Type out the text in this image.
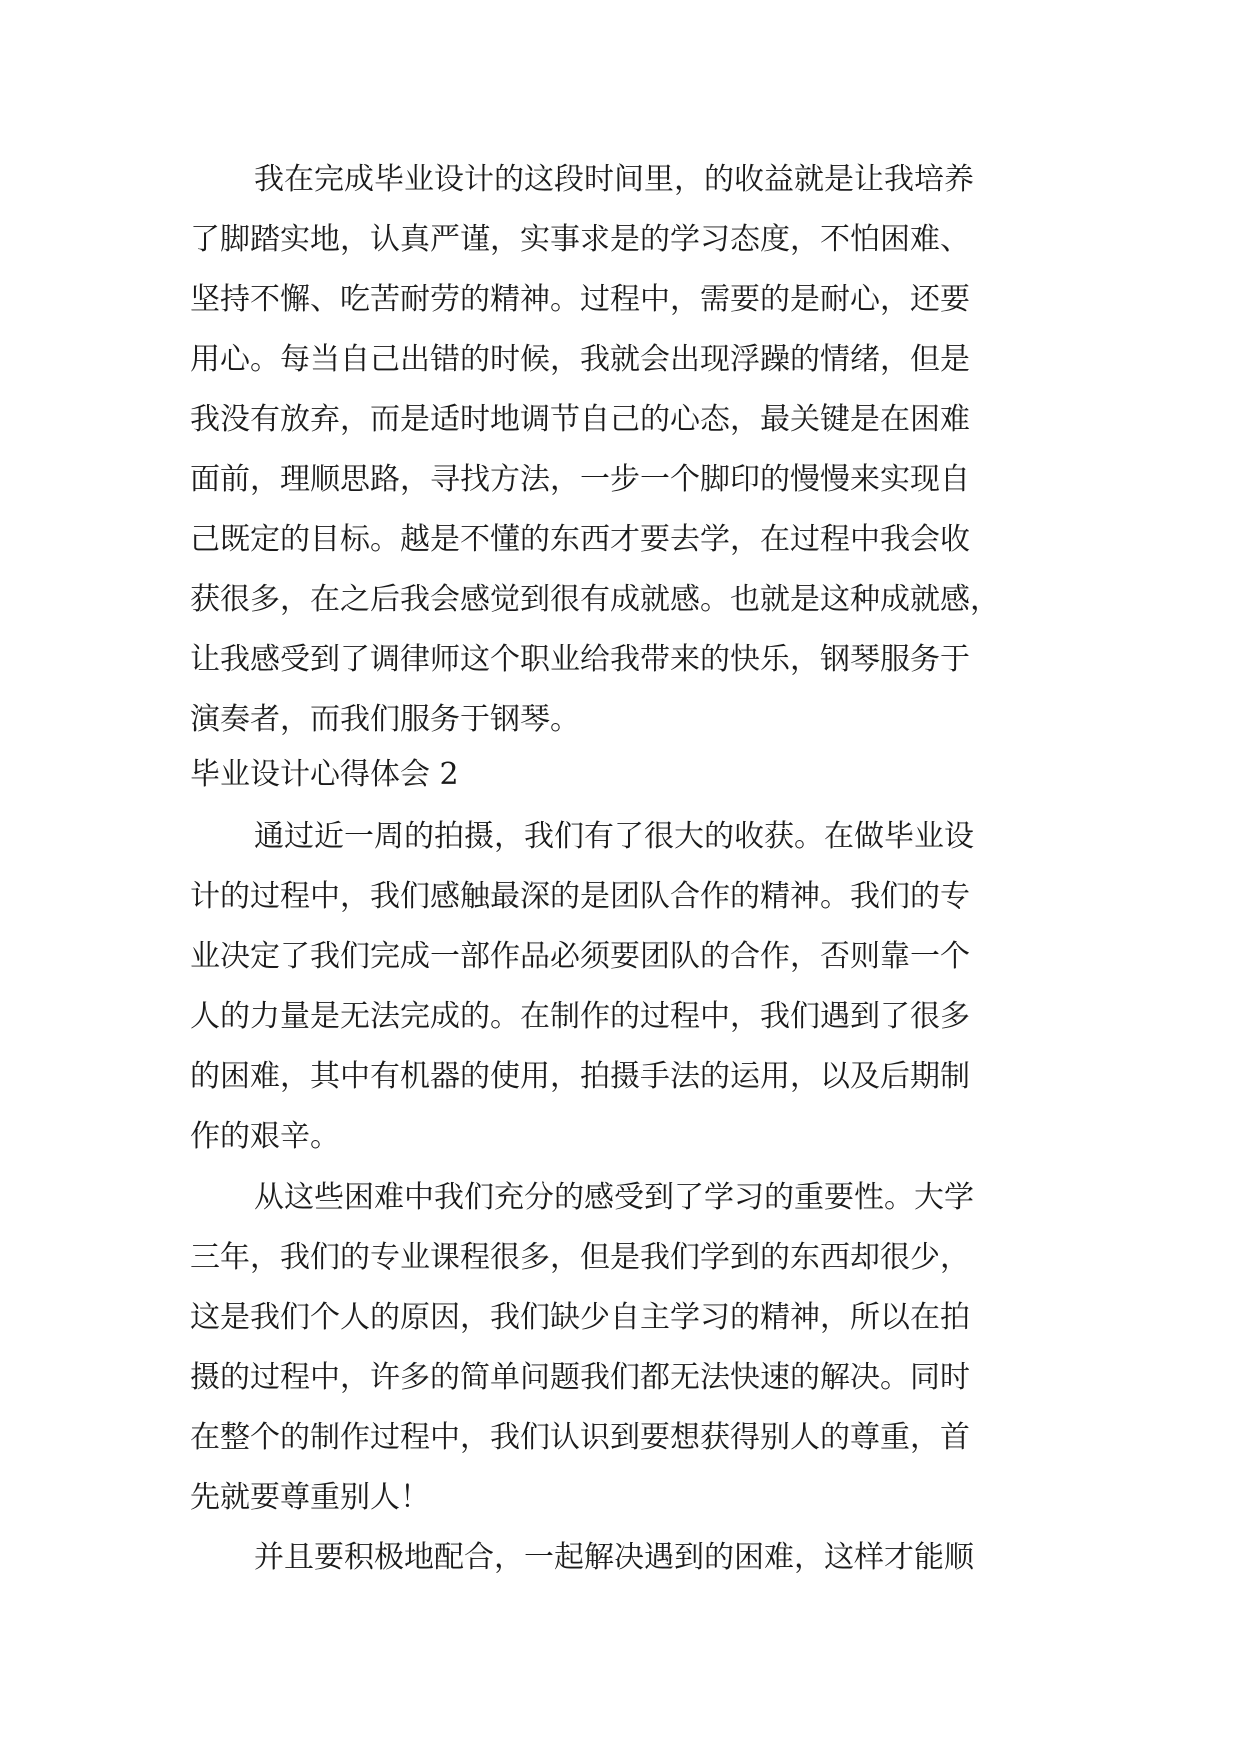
我在完成毕业设计的这段时间里，的收益就是让我培养
了脚踏实地，认真严谨，实事求是的学习态度，不怕困难、
坚持不懈、吃苦耐劳的精神。过程中，需要的是耐心，还要
用心。每当自己出错的时候，我就会出现浮躁的情绪，但是
我没有放弃，而是适时地调节自己的心态，最关键是在困难
面前，理顺思路，寻找方法，一步一个脚印的慢慢来实现自
己既定的目标。越是不懂的东西才要去学，在过程中我会收
获很多，在之后我会感觉到很有成就感。也就是这种成就感，
让我感受到了调律师这个职业给我带来的快乐，钢琴服务于
演奏者，而我们服务于钢琴。
毕业设计心得体会 2
通过近一周的拍摄，我们有了很大的收获。在做毕业设
计的过程中，我们感触最深的是团队合作的精神。我们的专
业决定了我们完成一部作品必须要团队的合作，否则靠一个
人的力量是无法完成的。在制作的过程中，我们遇到了很多
的困难，其中有机器的使用，拍摄手法的运用，以及后期制
作的艰辛。
从这些困难中我们充分的感受到了学习的重要性。大学
三年，我们的专业课程很多，但是我们学到的东西却很少，
这是我们个人的原因，我们缺少自主学习的精神，所以在拍
摄的过程中，许多的简单问题我们都无法快速的解决。同时
在整个的制作过程中，我们认识到要想获得别人的尊重，首
先就要尊重别人！
并且要积极地配合，一起解决遇到的困难，这样才能顺
